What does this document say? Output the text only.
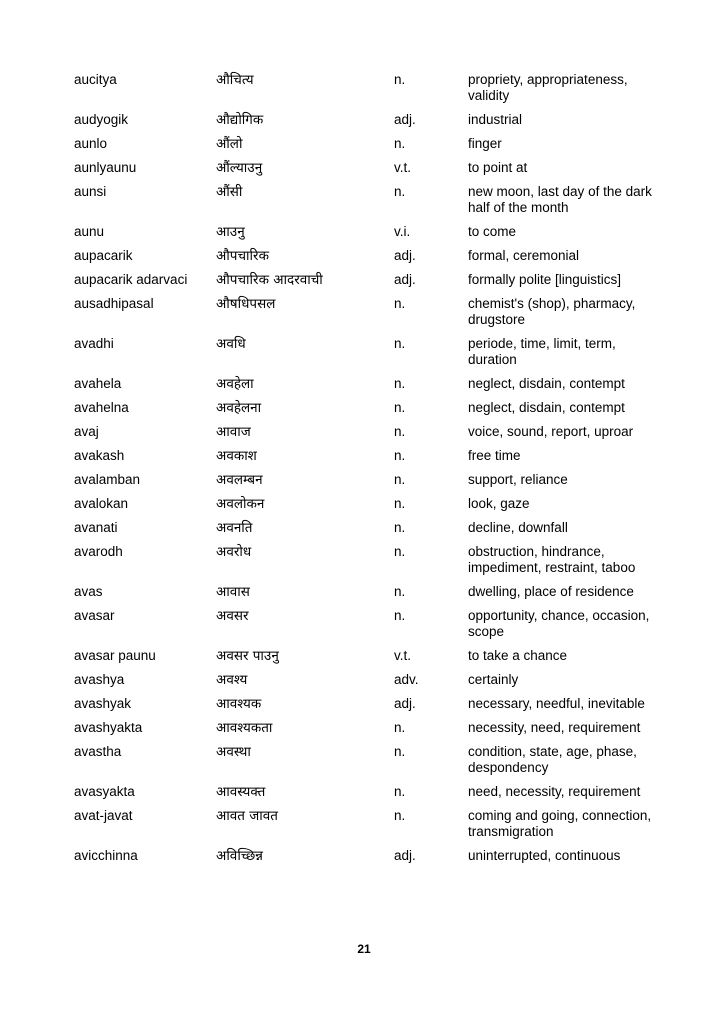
aucitya	औचित्य	n.	propriety, appropriateness, validity
audyogik	औद्योगिक	adj.	industrial
aunlo	औंलो	n.	finger
aunlyaunu	औंल्याउनु	v.t.	to point at
aunsi	औंसी	n.	new moon, last day of the dark half of the month
aunu	आउनु	v.i.	to come
aupacarik	औपचारिक	adj.	formal, ceremonial
aupacarik adarvaci	औपचारिक आदरवाची	adj.	formally polite [linguistics]
ausadhipasal	औषधिपसल	n.	chemist's (shop), pharmacy, drugstore
avadhi	अवधि	n.	periode, time, limit, term, duration
avahela	अवहेला	n.	neglect, disdain, contempt
avahelna	अवहेलना	n.	neglect, disdain, contempt
avaj	आवाज	n.	voice, sound, report, uproar
avakash	अवकाश	n.	free time
avalamban	अवलम्बन	n.	support, reliance
avalokan	अवलोकन	n.	look, gaze
avanati	अवनति	n.	decline, downfall
avarodh	अवरोध	n.	obstruction, hindrance, impediment, restraint, taboo
avas	आवास	n.	dwelling, place of residence
avasar	अवसर	n.	opportunity, chance, occasion, scope
avasar paunu	अवसर पाउनु	v.t.	to take a chance
avashya	अवश्य	adv.	certainly
avashyak	आवश्यक	adj.	necessary, needful, inevitable
avashyakta	आवश्यकता	n.	necessity, need, requirement
avastha	अवस्था	n.	condition, state, age, phase, despondency
avasyakta	आवस्यक्त	n.	need, necessity, requirement
avat-javat	आवत जावत	n.	coming and going, connection, transmigration
avicchinna	अविच्छिन्न	adj.	uninterrupted, continuous
21
